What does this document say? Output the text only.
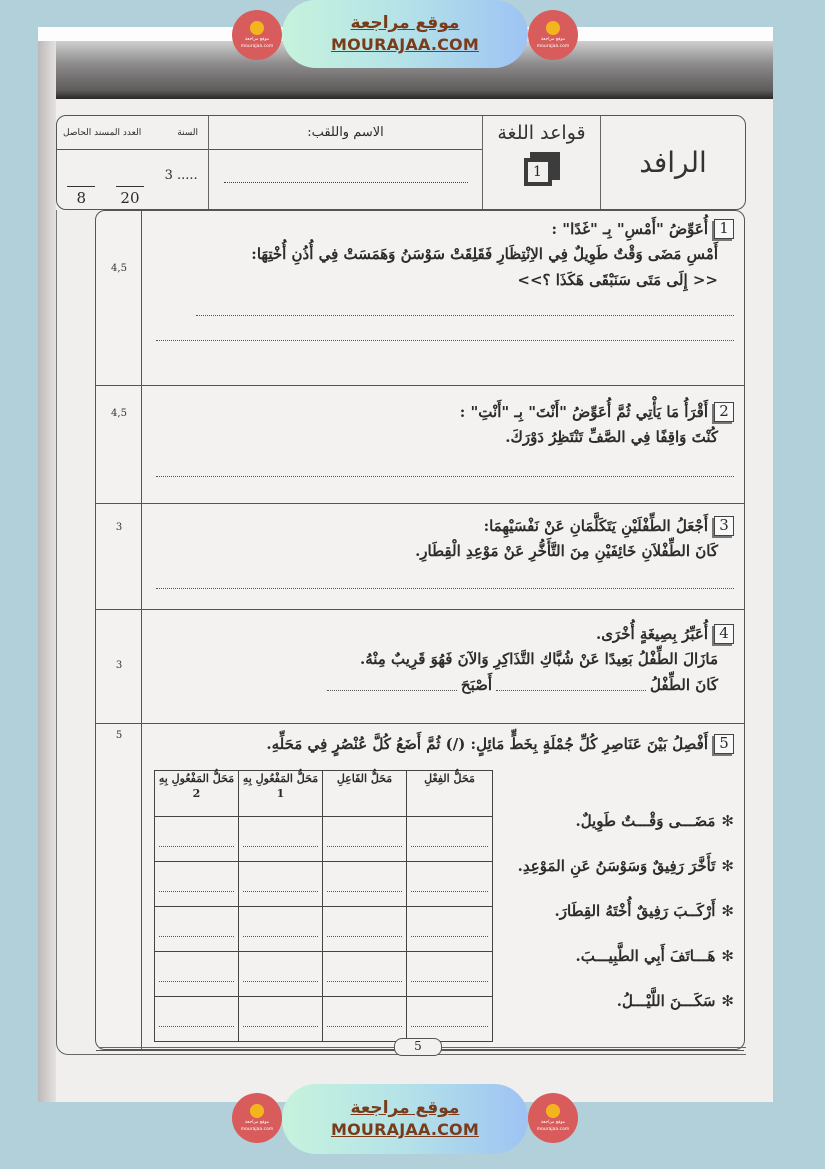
موقع مراجعة
mourajaa.com
موقع مراجعة
MOURAJAA.COM	موقع مراجعة
mourajaa.com
السنة
العدد المسند الحاصل
8 20
3 .....
الاسم واللقب:	قواعد اللغة
1	الرافد
4,5
1
أُعَوِّضُ "أَمْسِ" بِـ "غَدًا" :
أَمْسِ مَضَى وَقْتٌ طَوِيلٌ فِي الاِنْتِظَارِ فَقَلِقَتْ سَوْسَنُ وَهَمَسَتْ فِي أُذُنِ أُخْتِهَا:
<< إِلَى مَتَى سَنَبْقَى هَكَذَا ؟>>
4,5	2
أَقْرَأُ مَا يَأْتِي ثُمَّ أُعَوِّضُ "أَنْتَ" بِـ "أَنْتِ" :
كُنْتَ وَاقِفًا فِي الصَّفِّ تَنْتَظِرُ دَوْرَكَ.
3	3
أَجْعَلُ الطِّفْلَيْنِ يَتَكَلَّمَانِ عَنْ نَفْسَيْهِمَا:
كَانَ الطِّفْلاَنِ خَائِفَيْنِ مِنَ التَّأَخُّرِ عَنْ مَوْعِدِ الْقِطَارِ.
3
4
أُعَبِّرُ بِصِيغَةٍ أُخْرَى.
مَازَالَ الطِّفْلُ بَعِيدًا عَنْ شُبَّاكِ التَّذَاكِرِ وَالآنَ فَهُوَ قَرِيبٌ مِنْهُ.
كَانَ الطِّفْلُ
أَصْبَحَ
5	5
أَفْصِلُ بَيْنَ عَنَاصِرِ كُلِّ جُمْلَةٍ بِخَطٍّ مَائِلٍ: (/) ثُمَّ أَضَعُ كُلَّ عُنْصُرٍ فِي مَحَلِّهِ.
مَحَلُّ الفِعْلِ	مَحَلُّ الفَاعِلِ	مَحَلُّ المَفْعُولِ بِهِ 1	مَحَلُّ المَفْعُولِ بِهِ 2

✻مَضَـــى وَقْـــتٌ طَوِيلٌ.
✻تَأَخَّرَ رَفِيقٌ وَسَوْسَنُ عَنِ المَوْعِدِ.
✻أَرْكَــبَ رَفِيقٌ أُخْتَهُ القِطَارَ.
✻هَـــاتَفَ أَبِي الطَّبِيـــبَ.
✻سَكَـــنَ اللَّيْـــلُ.
5
موقع مراجعة
mourajaa.com
موقع مراجعة
MOURAJAA.COM	موقع مراجعة
mourajaa.com
